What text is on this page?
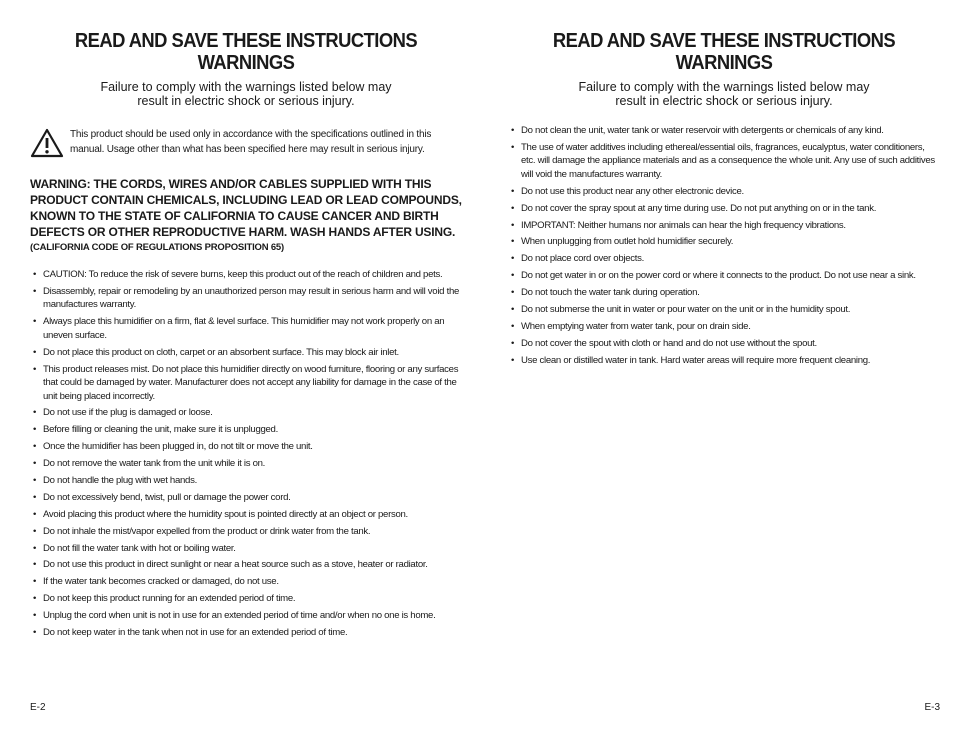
READ AND SAVE THESE INSTRUCTIONS
WARNINGS
Failure to comply with the warnings listed below may
result in electric shock or serious injury.
This product should be used only in accordance with the specifications outlined in this manual. Usage other than what has been specified here may result in serious injury.
WARNING: THE CORDS, WIRES AND/OR CABLES SUPPLIED WITH THIS PRODUCT CONTAIN CHEMICALS, INCLUDING LEAD OR LEAD COMPOUNDS, KNOWN TO THE STATE OF CALIFORNIA TO CAUSE CANCER AND BIRTH DEFECTS OR OTHER REPRODUCTIVE HARM. WASH HANDS AFTER USING.
(CALIFORNIA CODE OF REGULATIONS PROPOSITION 65)
• CAUTION: To reduce the risk of severe burns, keep this product out of the reach of children and pets.
• Disassembly, repair or remodeling by an unauthorized person may result in serious harm and will void the manufactures warranty.
• Always place this humidifier on a firm, flat & level surface. This humidifier may not work properly on an uneven surface.
• Do not place this product on cloth, carpet or an absorbent surface. This may block air inlet.
• This product releases mist. Do not place this humidifier directly on wood furniture, flooring or any surfaces that could be damaged by water. Manufacturer does not accept any liability for damage in the case of the unit being placed incorrectly.
• Do not use if the plug is damaged or loose.
• Before filling or cleaning the unit, make sure it is unplugged.
• Once the humidifier has been plugged in, do not tilt or move the unit.
• Do not remove the water tank from the unit while it is on.
• Do not handle the plug with wet hands.
• Do not excessively bend, twist, pull or damage the power cord.
• Avoid placing this product where the humidity spout is pointed directly at an object or person.
• Do not inhale the mist/vapor expelled from the product or drink water from the tank.
• Do not fill the water tank with hot or boiling water.
• Do not use this product in direct sunlight or near a heat source such as a stove, heater or radiator.
• If the water tank becomes cracked or damaged, do not use.
• Do not keep this product running for an extended period of time.
• Unplug the cord when unit is not in use for an extended period of time and/or when no one is home.
• Do not keep water in the tank when not in use for an extended period of time.
E-2
READ AND SAVE THESE INSTRUCTIONS
WARNINGS
Failure to comply with the warnings listed below may
result in electric shock or serious injury.
• Do not clean the unit, water tank or water reservoir with detergents or chemicals of any kind.
• The use of water additives including ethereal/essential oils, fragrances, eucalyptus, water conditioners, etc. will damage the appliance materials and as a consequence the whole unit. Any use of such additives will void the manufactures warranty.
• Do not use this product near any other electronic device.
• Do not cover the spray spout at any time during use. Do not put anything on or in the tank.
• IMPORTANT: Neither humans nor animals can hear the high frequency vibrations.
• When unplugging from outlet hold humidifier securely.
• Do not place cord over objects.
• Do not get water in or on the power cord or where it connects to the product. Do not use near a sink.
• Do not touch the water tank during operation.
• Do not submerse the unit in water or pour water on the unit or in the humidity spout.
• When emptying water from water tank, pour on drain side.
• Do not cover the spout with cloth or hand and do not use without the spout.
• Use clean or distilled water in tank. Hard water areas will require more frequent cleaning.
E-3
